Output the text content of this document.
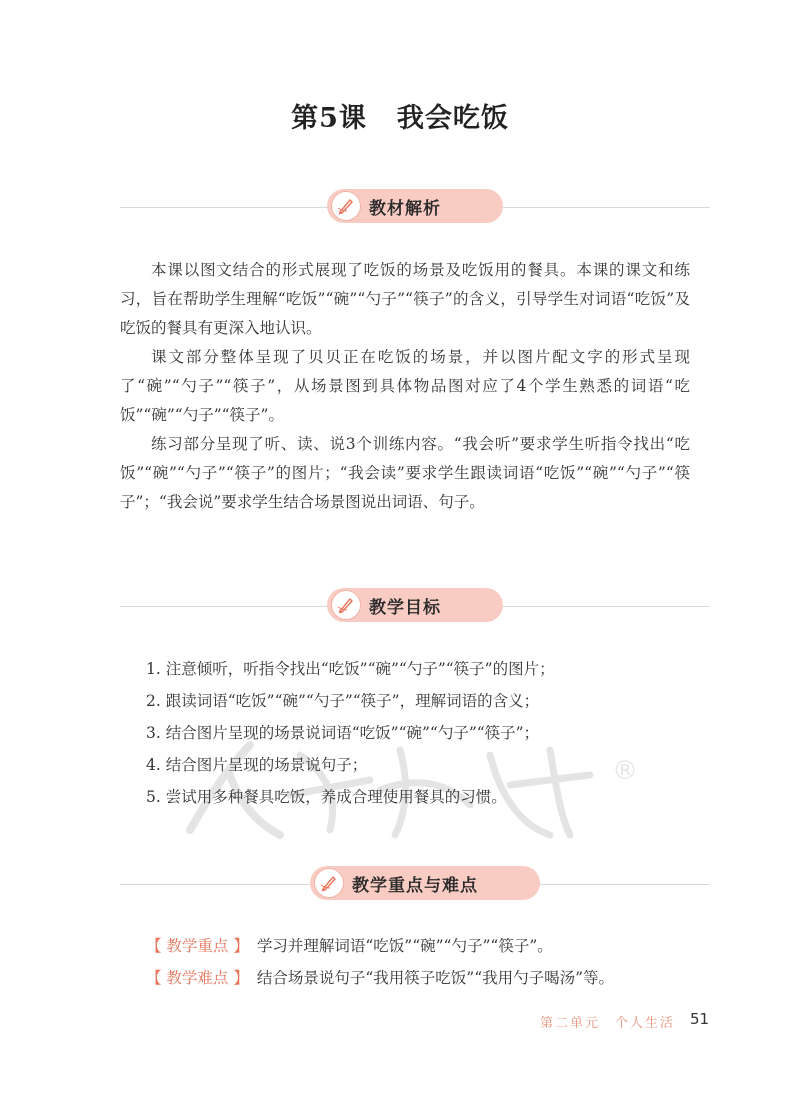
第5课 我会吃饭
教材解析

本课以图文结合的形式展现了吃饭的场景及吃饭用的餐具。本课的课文和练习，旨在帮助学生理解“吃饭”“碗”“勺子”“筷子”的含义，引导学生对词语“吃饭”及吃饭的餐具有更深入地认识。

课文部分整体呈现了贝贝正在吃饭的场景，并以图片配文字的形式呈现了“碗”“勺子”“筷子”，从场景图到具体物品图对应了4个学生熟悉的词语“吃饭”“碗”“勺子”“筷子”。

练习部分呈现了听、读、说3个训练内容。“我会听”要求学生听指令找出“吃饭”“碗”“勺子”“筷子”的图片；“我会读”要求学生跟读词语“吃饭”“碗”“勺子”“筷子”；“我会说”要求学生结合场景图说出词语、句子。

教学目标
®
1. 注意倾听，听指令找出“吃饭”“碗”“勺子”“筷子”的图片；
2. 跟读词语“吃饭”“碗”“勺子”“筷子”，理解词语的含义；
3. 结合图片呈现的场景说词语“吃饭”“碗”“勺子”“筷子”；
4. 结合图片呈现的场景说句子；
5. 尝试用多种餐具吃饭，养成合理使用餐具的习惯。
教学重点与难点
【 教学重点 】 学习并理解词语“吃饭”“碗”“勺子”“筷子”。
【 教学难点 】 结合场景说句子“我用筷子吃饭”“我用勺子喝汤”等。
第二单元　个人生活 51
